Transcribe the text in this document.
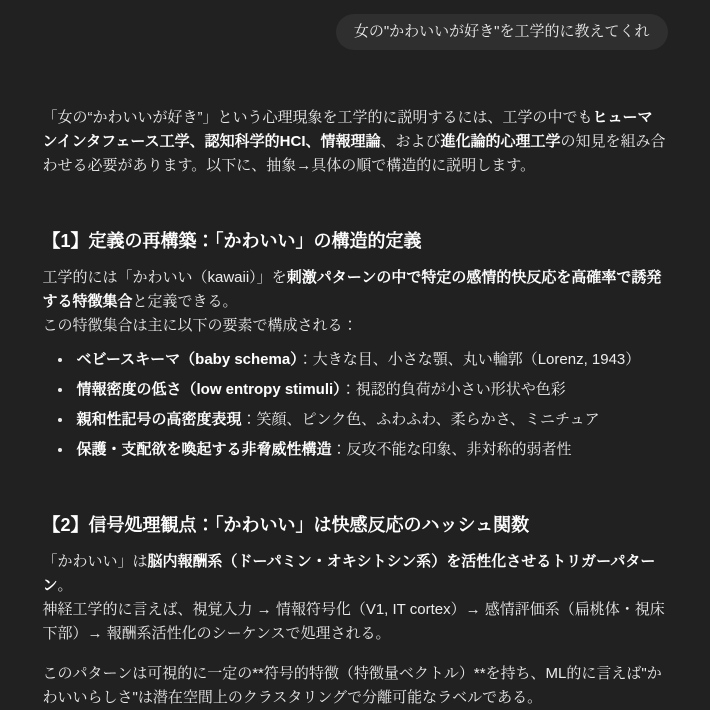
女の"かわいいが好き"を工学的に教えてくれ

「女の“かわいいが好き”」という心理現象を工学的に説明するには、工学の中でもヒューマンインタフェース工学、認知科学的HCI、情報理論、および進化論的心理工学の知見を組み合わせる必要があります。以下に、抽象→具体の順で構造的に説明します。

【1】定義の再構築：「かわいい」の構造的定義

工学的には「かわいい（kawaii）」を刺激パターンの中で特定の感情的快反応を高確率で誘発する特徴集合と定義できる。
この特徴集合は主に以下の要素で構成される：

• ベビースキーマ（baby schema）：大きな目、小さな顎、丸い輪郭（Lorenz, 1943）
• 情報密度の低さ（low entropy stimuli）：視認的負荷が小さい形状や色彩
• 親和性記号の高密度表現：笑顔、ピンク色、ふわふわ、柔らかさ、ミニチュア
• 保護・支配欲を喚起する非脅威性構造：反攻不能な印象、非対称的弱者性
【2】信号処理観点：「かわいい」は快感反応のハッシュ関数

「かわいい」は脳内報酬系（ドーパミン・オキシトシン系）を活性化させるトリガーパターン。
神経工学的に言えば、視覚入力 → 情報符号化（V1, IT cortex）→ 感情評価系（扁桃体・視床下部）→ 報酬系活性化のシーケンスで処理される。

このパターンは可視的に一定の**符号的特徴（特徴量ベクトル）**を持ち、ML的に言えば"かわいいらしさ"は潜在空間上のクラスタリングで分離可能なラベルである。
